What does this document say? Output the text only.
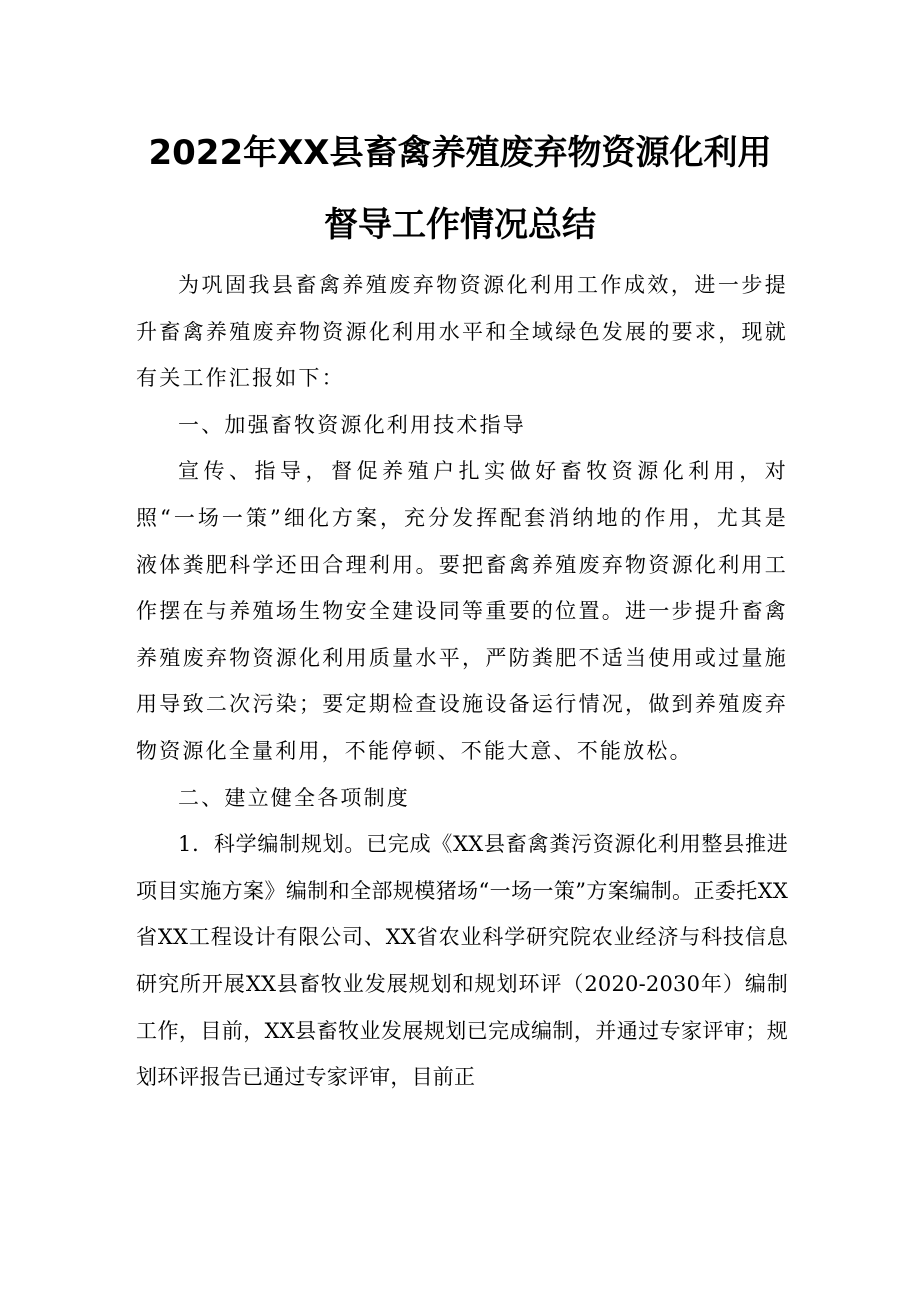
2022年XX县畜禽养殖废弃物资源化利用
督导工作情况总结

为巩固我县畜禽养殖废弃物资源化利用工作成效，进一步提升畜禽养殖废弃物资源化利用水平和全域绿色发展的要求，现就有关工作汇报如下：

一、加强畜牧资源化利用技术指导

宣传、指导，督促养殖户扎实做好畜牧资源化利用，对照“一场一策”细化方案，充分发挥配套消纳地的作用，尤其是液体粪肥科学还田合理利用。要把畜禽养殖废弃物资源化利用工作摆在与养殖场生物安全建设同等重要的位置。进一步提升畜禽养殖废弃物资源化利用质量水平，严防粪肥不适当使用或过量施用导致二次污染；要定期检查设施设备运行情况，做到养殖废弃物资源化全量利用，不能停顿、不能大意、不能放松。

二、建立健全各项制度

1．科学编制规划。已完成《XX县畜禽粪污资源化利用整县推进项目实施方案》编制和全部规模猪场“一场一策”方案编制。正委托XX省XX工程设计有限公司、XX省农业科学研究院农业经济与科技信息研究所开展XX县畜牧业发展规划和规划环评（2020-2030年）编制工作，目前，XX县畜牧业发展规划已完成编制，并通过专家评审；规划环评报告已通过专家评审，目前正
